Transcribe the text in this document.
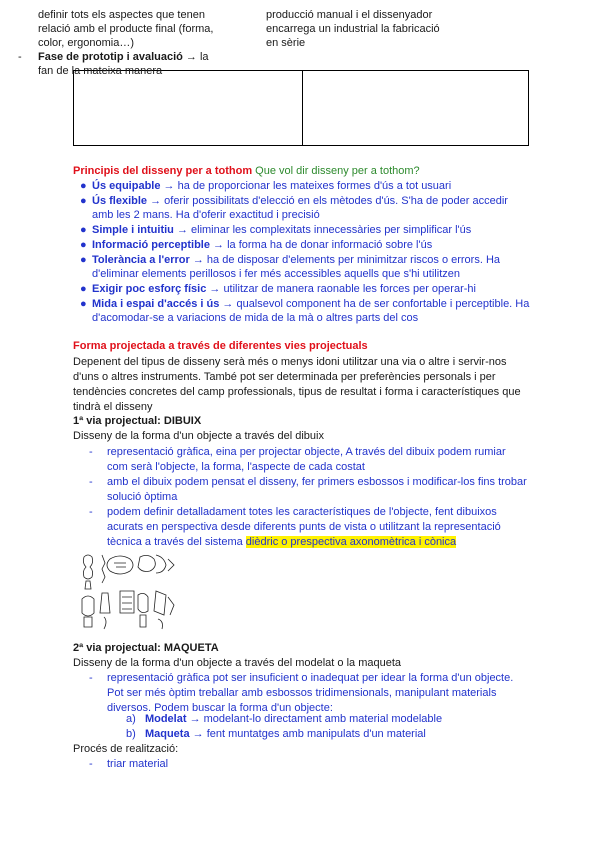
definir tots els aspectes que tenen
relació amb el producte final (forma,
color, ergonomia…)
- Fase de prototip i avaluació → la
fan de la mateixa manera
producció manual i el dissenyador
encarrega un industrial la fabricació
en sèrie
Principis del disseny per a tothom Que vol dir disseny per a tothom?
● Ús equipable → ha de proporcionar les mateixes formes d'ús a tot usuari
● Ús flexible → oferir possibilitats d'elecció en els mètodes d'ús. S'ha de poder accedir amb les 2 mans. Ha d'oferir exactitud i precisió
● Simple i intuitiu → eliminar les complexitats innecessàries per simplificar l'ús
● Informació perceptible → la forma ha de donar informació sobre l'ús
● Tolerància a l'error → ha de disposar d'elements per minimitzar riscos o errors. Ha d'eliminar elements perillosos i fer més accessibles aquells que s'hi utilitzen
● Exigir poc esforç físic → utilitzar de manera raonable les forces per operar-hi
● Mida i espai d'accés i ús → qualsevol component ha de ser confortable i perceptible. Ha d'acomodar-se a variacions de mida de la mà o altres parts del cos
Forma projectada a través de diferentes vies projectuals
Depenent del tipus de disseny serà més o menys idoni utilitzar una via o altre i servir-nos d'uns o altres instruments. També pot ser determinada per preferències personals i per tendències concretes del camp professionals, tipus de resultat i forma i característiques que tindrà el disseny
1ª via projectual: DIBUIX
Disseny de la forma d'un objecte a través del dibuix
- representació gràfica, eina per projectar objecte, A través del dibuix podem rumiar com serà l'objecte, la forma, l'aspecte de cada costat
- amb el dibuix podem pensat el disseny, fer primers esbossos i modificar-los fins trobar solució òptima
- podem definir detalladament totes les característiques de l'objecte, fent dibuixos acurats en perspectiva desde diferents punts de vista o utilitzant la representació tècnica a través del sistema dièdric o prespectiva axonomètrica i cònica
2ª via projectual: MAQUETA
Disseny de la forma d'un objecte a través del modelat o la maqueta
- representació gràfica pot ser insuficient o inadequat per idear la forma d'un objecte. Pot ser més òptim treballar amb esbossos tridimensionals, manipulant materials diversos. Podem buscar la forma d'un objecte:
a) Modelat → modelant-lo directament amb material modelable
b) Maqueta → fent muntatges amb manipulats d'un material
Procés de realització:
- triar material
